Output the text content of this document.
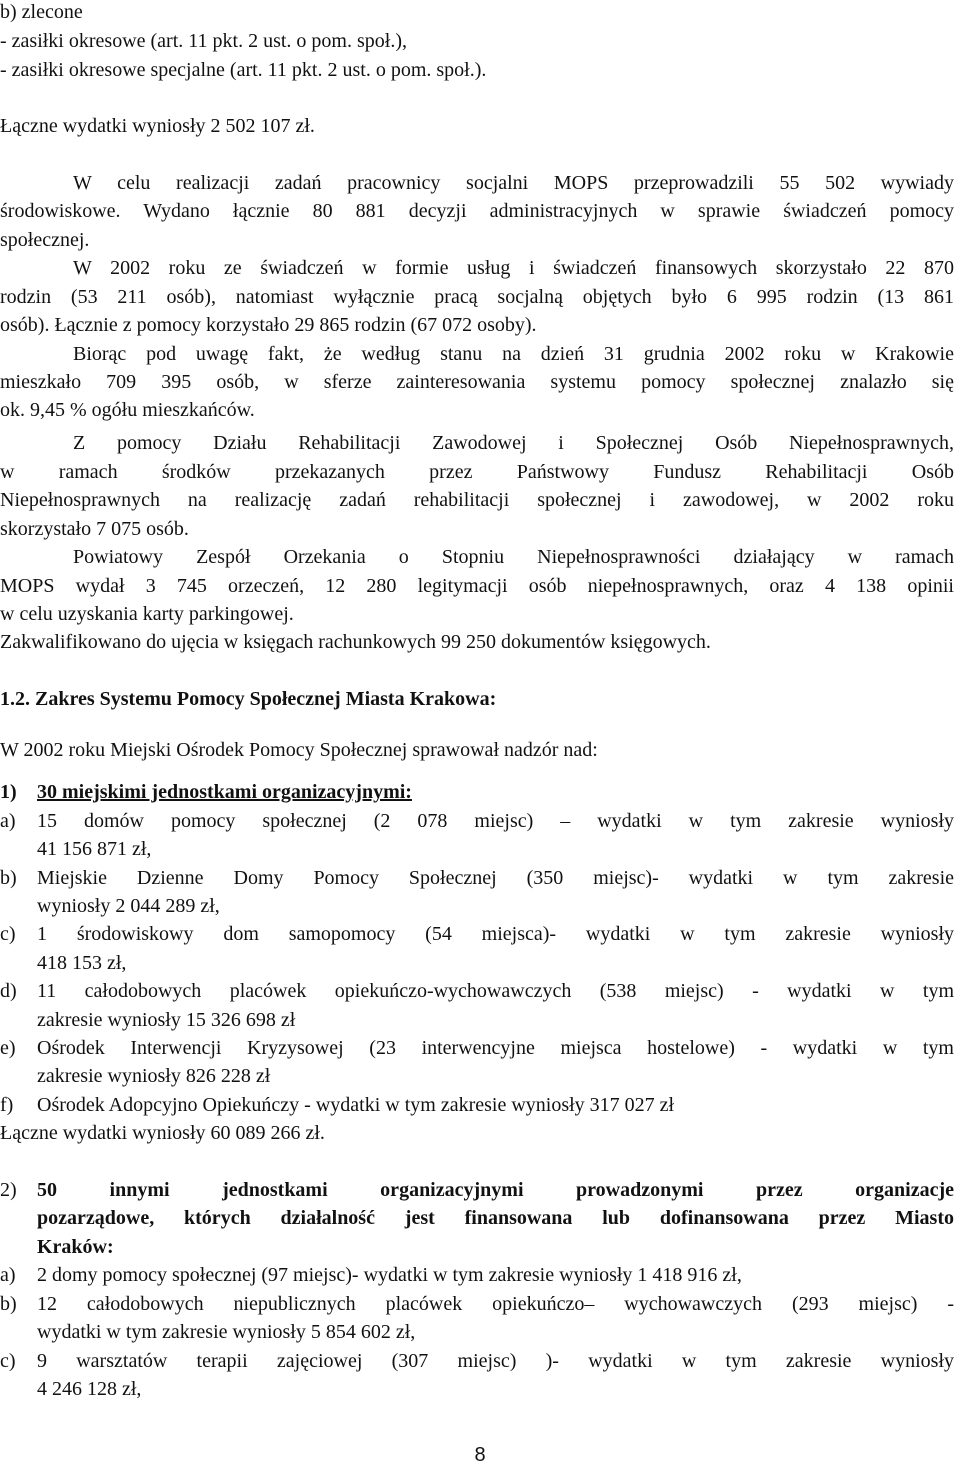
b) zlecone
- zasiłki okresowe (art. 11 pkt. 2 ust. o pom. społ.),
- zasiłki okresowe specjalne (art. 11 pkt. 2 ust. o pom. społ.).
Łączne wydatki wyniosły 2 502 107 zł.
W celu realizacji zadań pracownicy socjalni MOPS przeprowadzili 55 502 wywiady
środowiskowe. Wydano łącznie 80 881 decyzji administracyjnych w sprawie świadczeń pomocy
społecznej.
W 2002 roku ze świadczeń w formie usług i świadczeń finansowych skorzystało 22 870
rodzin (53 211 osób), natomiast wyłącznie pracą socjalną objętych było 6 995 rodzin (13 861
osób). Łącznie z pomocy korzystało 29 865 rodzin (67 072 osoby).
Biorąc pod uwagę fakt, że według stanu na dzień 31 grudnia 2002 roku w Krakowie
mieszkało 709 395 osób, w sferze zainteresowania systemu pomocy społecznej znalazło się
ok. 9,45 % ogółu mieszkańców.
Z pomocy Działu Rehabilitacji Zawodowej i Społecznej Osób Niepełnosprawnych,
w ramach środków przekazanych przez Państwowy Fundusz Rehabilitacji Osób
Niepełnosprawnych na realizację zadań rehabilitacji społecznej i zawodowej, w 2002 roku
skorzystało 7 075 osób.
Powiatowy Zespół Orzekania o Stopniu Niepełnosprawności działający w ramach
MOPS wydał 3 745 orzeczeń, 12 280 legitymacji osób niepełnosprawnych, oraz 4 138 opinii
w celu uzyskania karty parkingowej.
Zakwalifikowano do ujęcia w księgach rachunkowych 99 250 dokumentów księgowych.
1.2. Zakres Systemu Pomocy Społecznej Miasta Krakowa:
W 2002 roku Miejski Ośrodek Pomocy Społecznej sprawował nadzór nad:
1) 30 miejskimi jednostkami organizacyjnymi:
a) 15 domów pomocy społecznej (2 078 miejsc) – wydatki w tym zakresie wyniosły
41 156 871 zł,
b) Miejskie Dzienne Domy Pomocy Społecznej (350 miejsc)- wydatki w tym zakresie
wyniosły 2 044 289 zł,
c) 1 środowiskowy dom samopomocy (54 miejsca)- wydatki w tym zakresie wyniosły
418 153 zł,
d) 11 całodobowych placówek opiekuńczo-wychowawczych (538 miejsc) - wydatki w tym
zakresie wyniosły 15 326 698 zł
e) Ośrodek Interwencji Kryzysowej (23 interwencyjne miejsca hostelowe) - wydatki w tym
zakresie wyniosły 826 228 zł
f) Ośrodek Adopcyjno Opiekuńczy - wydatki w tym zakresie wyniosły 317 027 zł
Łączne wydatki wyniosły 60 089 266 zł.
2) 50 innymi jednostkami organizacyjnymi prowadzonymi przez organizacje
pozarządowe, których działalność jest finansowana lub dofinansowana przez Miasto
Kraków:
a) 2 domy pomocy społecznej (97 miejsc)- wydatki w tym zakresie wyniosły 1 418 916 zł,
b) 12 całodobowych niepublicznych placówek opiekuńczo– wychowawczych (293 miejsc) -
wydatki w tym zakresie wyniosły 5 854 602 zł,
c) 9 warsztatów terapii zajęciowej (307 miejsc) )- wydatki w tym zakresie wyniosły
4 246 128 zł,
8
